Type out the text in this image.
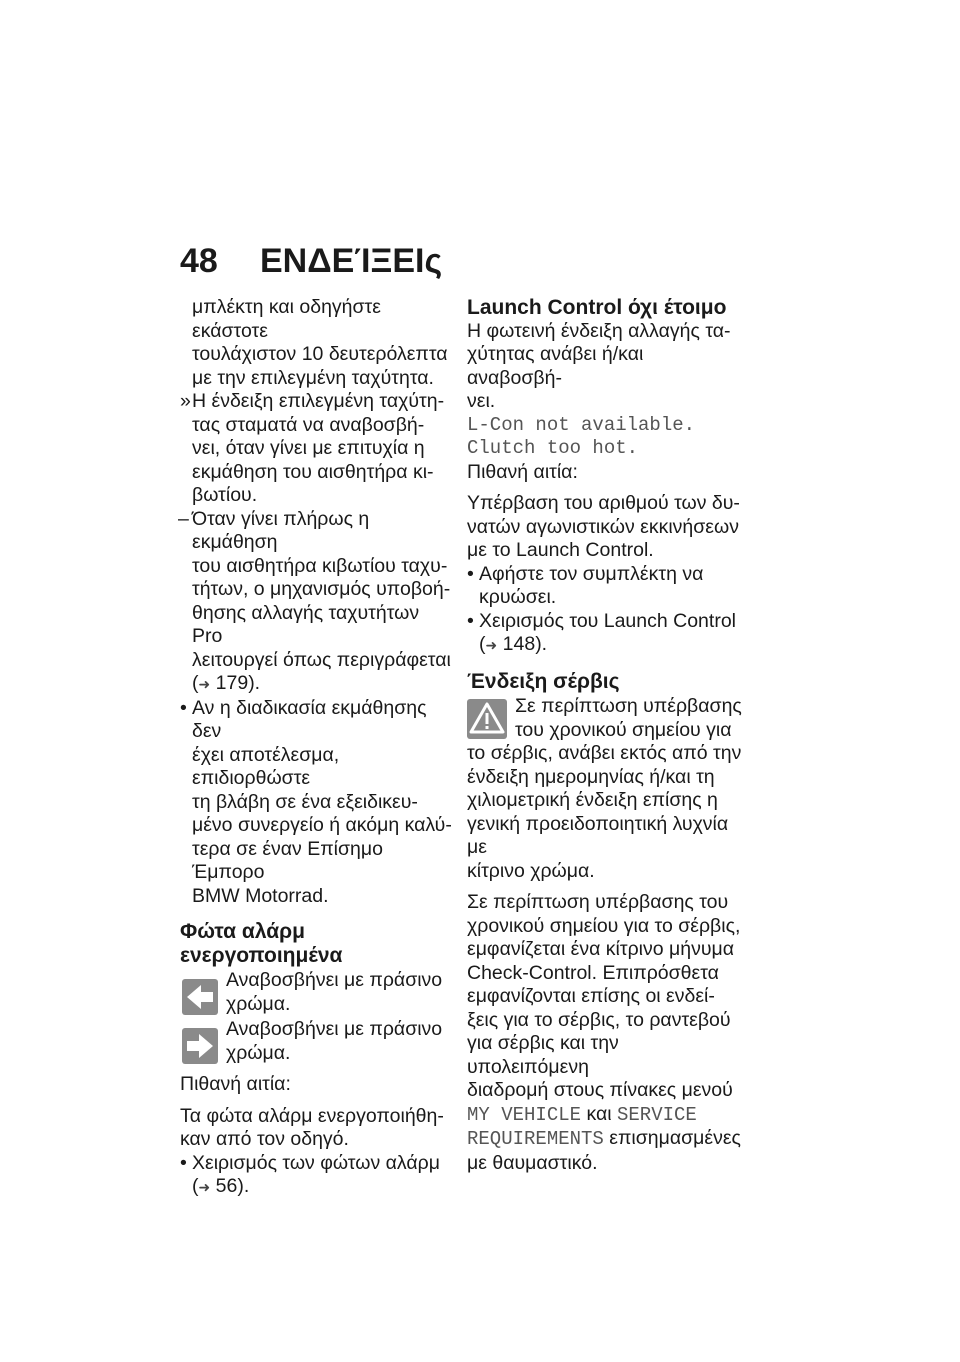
48 ΕΝΔΕΊΞΕΙς

μπλέκτη και οδηγήστε εκάστοτε

τουλάχιστον 10 δευτερόλεπτα

με την επιλεγμένη ταχύτητα.

» Η ένδειξη επιλεγμένη ταχύτη-

τας σταματά να αναβοσβή-

νει, όταν γίνει με επιτυχία η

εκμάθηση του αισθητήρα κι-

βωτίου.

– Όταν γίνει πλήρως η εκμάθηση

του αισθητήρα κιβωτίου ταχυ-

τήτων, ο μηχανισμός υποβοή-

θησης αλλαγής ταχυτήτων Pro

λειτουργεί όπως περιγράφεται

(➜ 179).

• Αν η διαδικασία εκμάθησης δεν

έχει αποτέλεσμα, επιδιορθώστε

τη βλάβη σε ένα εξειδικευ-

μένο συνεργείο ή ακόμη καλύ-

τερα σε έναν Επίσημο Έμπορο

BMW Motorrad.

Φώτα αλάρμ
ενεργοποιημένα

Αναβοσβήνει με πράσινο

χρώμα.

Αναβοσβήνει με πράσινο

χρώμα.

Πιθανή αιτία:

Τα φώτα αλάρμ ενεργοποιήθη-

καν από τον οδηγό.

• Χειρισμός των φώτων αλάρμ

(➜ 56).

Launch Control όχι έτοιμο

Η φωτεινή ένδειξη αλλαγής τα-

χύτητας ανάβει ή/και αναβοσβή-

νει.

L-Con not available.

Clutch too hot.

Πιθανή αιτία:

Υπέρβαση του αριθμού των δυ-

νατών αγωνιστικών εκκινήσεων

με το Launch Control.

• Αφήστε τον συμπλέκτη να

κρυώσει.

• Χειρισμός του Launch Control

(➜ 148).

Ένδειξη σέρβις

Σε περίπτωση υπέρβασης

του χρονικού σημείου για

το σέρβις, ανάβει εκτός από την

ένδειξη ημερομηνίας ή/και τη

χιλιομετρική ένδειξη επίσης η

γενική προειδοποιητική λυχνία με

κίτρινο χρώμα.

Σε περίπτωση υπέρβασης του

χρονικού σημείου για το σέρβις,

εμφανίζεται ένα κίτρινο μήνυμα

Check-Control. Επιπρόσθετα

εμφανίζονται επίσης οι ενδεί-

ξεις για το σέρβις, το ραντεβού

για σέρβις και την υπολειπόμενη

διαδρομή στους πίνακες μενού

MY VEHICLE και SERVICE

REQUIREMENTS επισημασμένες

με θαυμαστικό.
